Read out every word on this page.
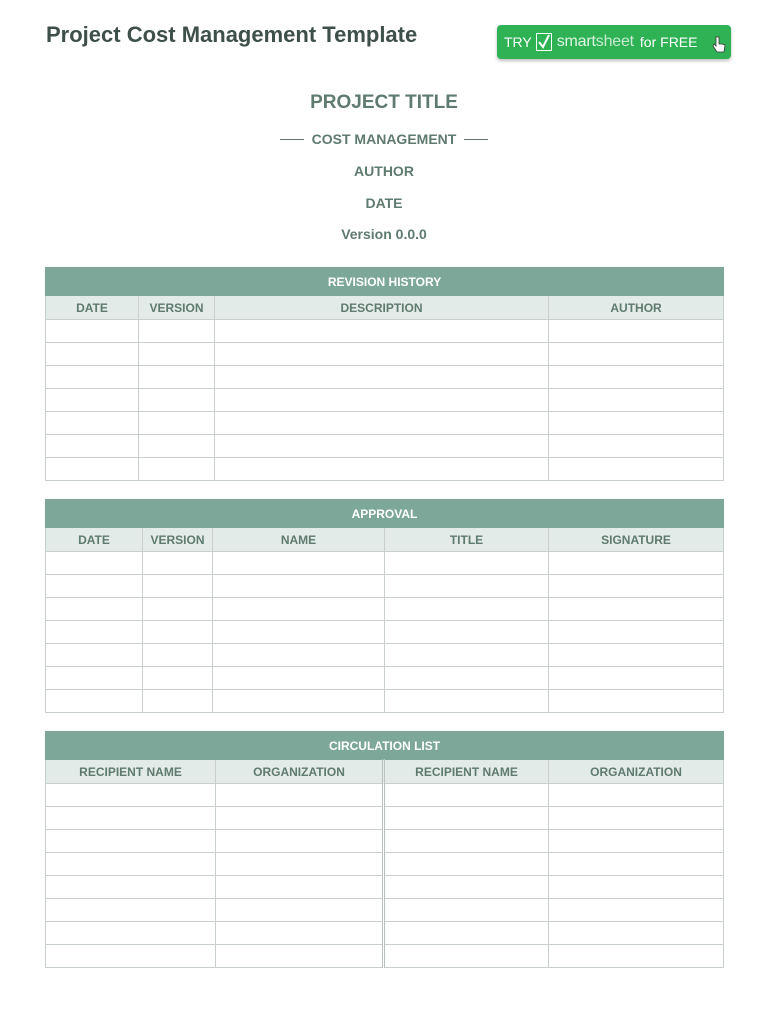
Project Cost Management Template	TRY smartsheet for FREE
PROJECT TITLE
COST MANAGEMENT
AUTHOR
DATE
Version 0.0.0
REVISION HISTORY			
DATE	VERSION	DESCRIPTION	AUTHOR

APPROVAL				
DATE	VERSION	NAME	TITLE	SIGNATURE

CIRCULATION LIST			
RECIPIENT NAME	ORGANIZATION	RECIPIENT NAME	ORGANIZATION
